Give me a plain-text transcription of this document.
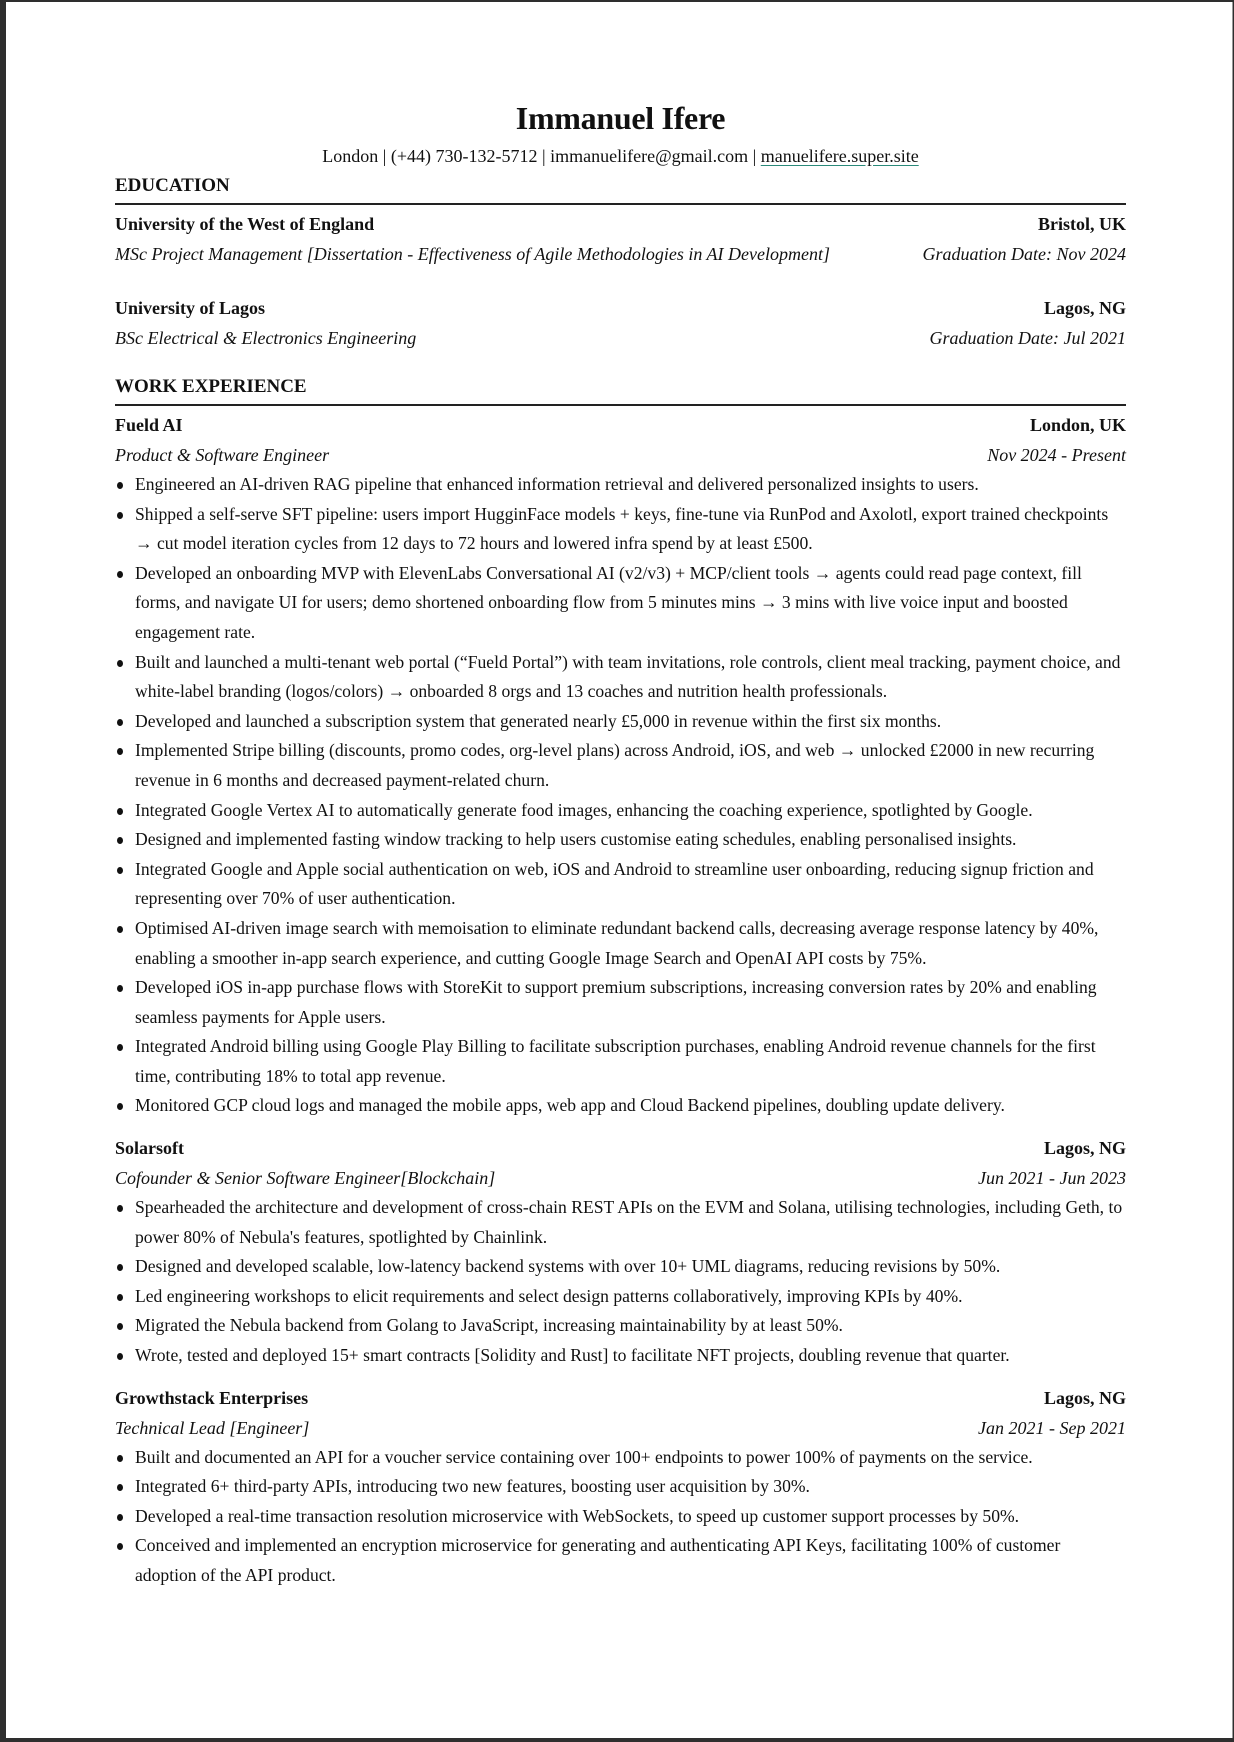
Immanuel Ifere
London | (+44) 730-132-5712 | immanuelifere@gmail.com | manuelifere.super.site
EDUCATION
University of the West of England	Bristol, UK
MSc Project Management [Dissertation - Effectiveness of Agile Methodologies in AI Development]	Graduation Date: Nov 2024
University of Lagos	Lagos, NG
BSc Electrical & Electronics Engineering	Graduation Date: Jul 2021
WORK EXPERIENCE
Fueld AI	London, UK
Product & Software Engineer	Nov 2024 - Present
Engineered an AI-driven RAG pipeline that enhanced information retrieval and delivered personalized insights to users.
Shipped a self-serve SFT pipeline: users import HugginFace models + keys, fine-tune via RunPod and Axolotl, export trained checkpoints → cut model iteration cycles from 12 days to 72 hours and lowered infra spend by at least £500.
Developed an onboarding MVP with ElevenLabs Conversational AI (v2/v3) + MCP/client tools → agents could read page context, fill forms, and navigate UI for users; demo shortened onboarding flow from 5 minutes mins → 3 mins with live voice input and boosted engagement rate.
Built and launched a multi-tenant web portal (“Fueld Portal”) with team invitations, role controls, client meal tracking, payment choice, and white-label branding (logos/colors) → onboarded 8 orgs and 13 coaches and nutrition health professionals.
Developed and launched a subscription system that generated nearly £5,000 in revenue within the first six months.
Implemented Stripe billing (discounts, promo codes, org-level plans) across Android, iOS, and web → unlocked £2000 in new recurring revenue in 6 months and decreased payment-related churn.
Integrated Google Vertex AI to automatically generate food images, enhancing the coaching experience, spotlighted by Google.
Designed and implemented fasting window tracking to help users customise eating schedules, enabling personalised insights.
Integrated Google and Apple social authentication on web, iOS and Android to streamline user onboarding, reducing signup friction and representing over 70% of user authentication.
Optimised AI-driven image search with memoisation to eliminate redundant backend calls, decreasing average response latency by 40%, enabling a smoother in-app search experience, and cutting Google Image Search and OpenAI API costs by 75%.
Developed iOS in-app purchase flows with StoreKit to support premium subscriptions, increasing conversion rates by 20% and enabling seamless payments for Apple users.
Integrated Android billing using Google Play Billing to facilitate subscription purchases, enabling Android revenue channels for the first time, contributing 18% to total app revenue.
Monitored GCP cloud logs and managed the mobile apps, web app and Cloud Backend pipelines, doubling update delivery.
Solarsoft	Lagos, NG
Cofounder & Senior Software Engineer[Blockchain]	Jun 2021 - Jun 2023
Spearheaded the architecture and development of cross-chain REST APIs on the EVM and Solana, utilising technologies, including Geth, to power 80% of Nebula's features, spotlighted by Chainlink.
Designed and developed scalable, low-latency backend systems with over 10+ UML diagrams, reducing revisions by 50%.
Led engineering workshops to elicit requirements and select design patterns collaboratively, improving KPIs by 40%.
Migrated the Nebula backend from Golang to JavaScript, increasing maintainability by at least 50%.
Wrote, tested and deployed 15+ smart contracts [Solidity and Rust] to facilitate NFT projects, doubling revenue that quarter.
Growthstack Enterprises	Lagos, NG
Technical Lead [Engineer]	Jan 2021 - Sep 2021
Built and documented an API for a voucher service containing over 100+ endpoints to power 100% of payments on the service.
Integrated 6+ third-party APIs, introducing two new features, boosting user acquisition by 30%.
Developed a real-time transaction resolution microservice with WebSockets, to speed up customer support processes by 50%.
Conceived and implemented an encryption microservice for generating and authenticating API Keys, facilitating 100% of customer adoption of the API product.
